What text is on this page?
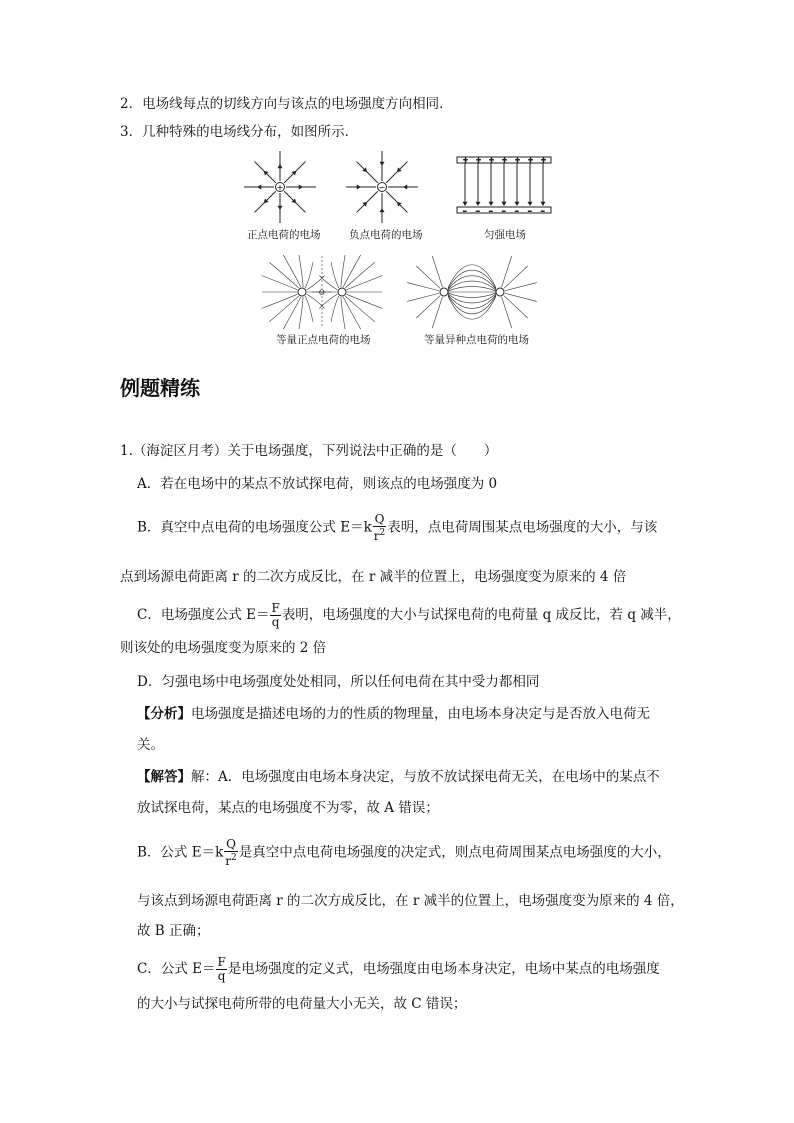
2．电场线每点的切线方向与该点的电场强度方向相同．
3．几种特殊的电场线分布，如图所示．
+
正点电荷的电场
−
负点电荷的电场
+
–
+
–
+
–
+
–
+
–
+
–
+
–
匀强电场
O
等量正点电荷的电场	等量异种点电荷的电场
例题精练
1.（海淀区月考）关于电场强度，下列说法中正确的是（　　）
A．若在电场中的某点不放试探电荷，则该点的电场强度为 0
B．真空中点电荷的电场强度公式 $E=k \frac{Q}{r^2}$ 表明，点电荷周围某点电场强度的大小，与该
点到场源电荷距离 r 的二次方成反比，在 r 减半的位置上，电场强度变为原来的 4 倍
C．电场强度公式 $E= \frac{F}{q}$ 表明，电场强度的大小与试探电荷的电荷量 q 成反比，若 q 减半，
则该处的电场强度变为原来的 2 倍
D．匀强电场中电场强度处处相同，所以任何电荷在其中受力都相同
【分析】电场强度是描述电场的力的性质的物理量，由电场本身决定与是否放入电荷无
关。
【解答】解：A．电场强度由电场本身决定，与放不放试探电荷无关，在电场中的某点不
放试探电荷，某点的电场强度不为零，故 A 错误；
B．公式 $E=k \frac{Q}{r^2}$ 是真空中点电荷电场强度的决定式，则点电荷周围某点电场强度的大小，
与该点到场源电荷距离 r 的二次方成反比，在 r 减半的位置上，电场强度变为原来的 4 倍，
故 B 正确；
C．公式 $E= \frac{F}{q}$ 是电场强度的定义式，电场强度由电场本身决定，电场中某点的电场强度
的大小与试探电荷所带的电荷量大小无关，故 C 错误；
